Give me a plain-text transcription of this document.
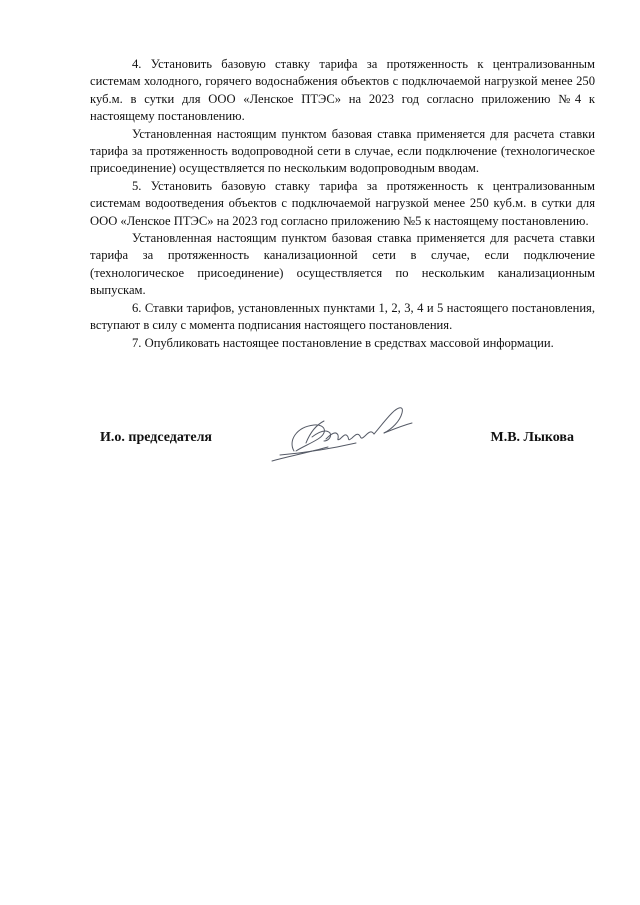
4. Установить базовую ставку тарифа за протяженность к централизованным системам холодного, горячего водоснабжения объектов с подключаемой нагрузкой менее 250 куб.м. в сутки для ООО «Ленское ПТЭС» на 2023 год согласно приложению №4 к настоящему постановлению.

Установленная настоящим пунктом базовая ставка применяется для расчета ставки тарифа за протяженность водопроводной сети в случае, если подключение (технологическое присоединение) осуществляется по нескольким водопроводным вводам.

5. Установить базовую ставку тарифа за протяженность к централизованным системам водоотведения объектов с подключаемой нагрузкой менее 250 куб.м. в сутки для ООО «Ленское ПТЭС» на 2023 год согласно приложению №5 к настоящему постановлению.

Установленная настоящим пунктом базовая ставка применяется для расчета ставки тарифа за протяженность канализационной сети в случае, если подключение (технологическое присоединение) осуществляется по нескольким канализационным выпускам.

6. Ставки тарифов, установленных пунктами 1, 2, 3, 4 и 5 настоящего постановления, вступают в силу с момента подписания настоящего постановления.

7. Опубликовать настоящее постановление в средствах массовой информации.

И.о. председателя	М.В. Лыкова
